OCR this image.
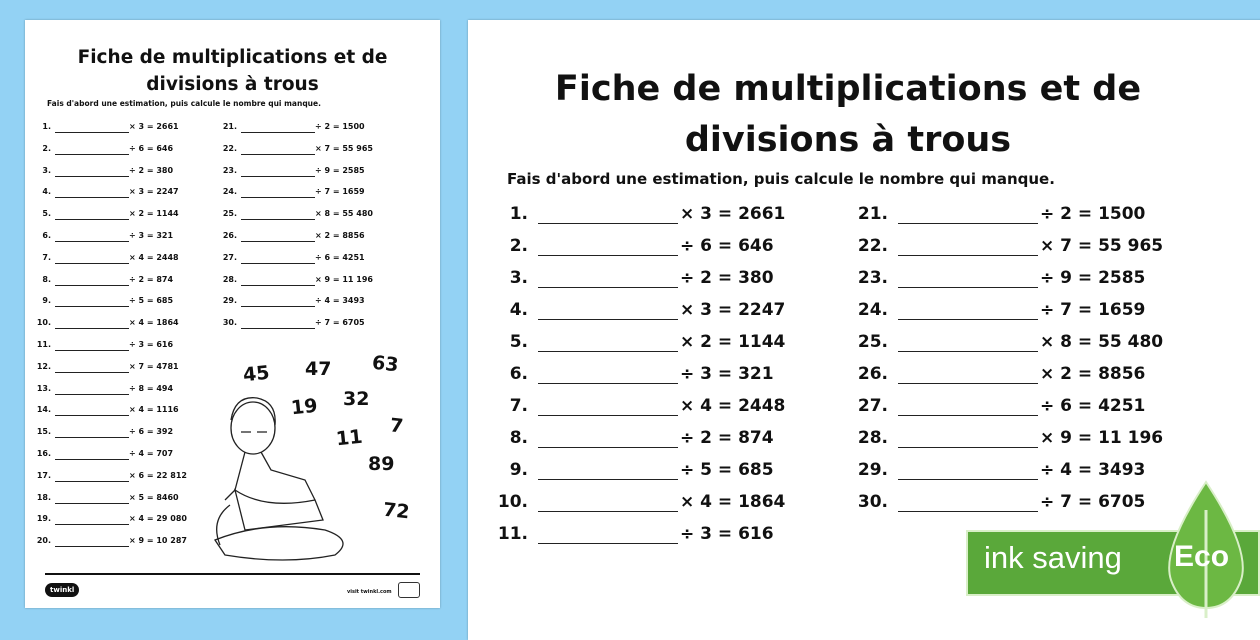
Fiche de multiplications et de
divisions à trous
Fais d'abord une estimation, puis calcule le nombre qui manque.
1.	× 3 = 2661
2.	÷ 6 = 646
3.	÷ 2 = 380
4.	× 3 = 2247
5.	× 2 = 1144
6.	÷ 3 = 321
7.	× 4 = 2448
8.	÷ 2 = 874
9.	÷ 5 = 685
10.	× 4 = 1864
11.	÷ 3 = 616
12.	× 7 = 4781
13.	÷ 8 = 494
14.	× 4 = 1116
15.	÷ 6 = 392
16.	÷ 4 = 707
17.	× 6 = 22 812
18.	× 5 = 8460
19.	× 4 = 29 080
20.	× 9 = 10 287
21.	÷ 2 = 1500
22.	× 7 = 55 965
23.	÷ 9 = 2585
24.	÷ 7 = 1659
25.	× 8 = 55 480
26.	× 2 = 8856
27.	÷ 6 = 4251
28.	× 9 = 11 196
29.	÷ 4 = 3493
30.	÷ 7 = 6705
45 47 63
19 32
7
11
89
72
twinkl	visit twinkl.com
Fiche de multiplications et de
divisions à trous
Fais d'abord une estimation, puis calcule le nombre qui manque.
1.	× 3 = 2661
2.	÷ 6 = 646
3.	÷ 2 = 380
4.	× 3 = 2247
5.	× 2 = 1144
6.	÷ 3 = 321
7.	× 4 = 2448
8.	÷ 2 = 874
9.	÷ 5 = 685
10.	× 4 = 1864
11.	÷ 3 = 616
21.	÷ 2 = 1500
22.	× 7 = 55 965
23.	÷ 9 = 2585
24.	÷ 7 = 1659
25.	× 8 = 55 480
26.	× 2 = 8856
27.	÷ 6 = 4251
28.	× 9 = 11 196
29.	÷ 4 = 3493
30.	÷ 7 = 6705
ink saving Eco
